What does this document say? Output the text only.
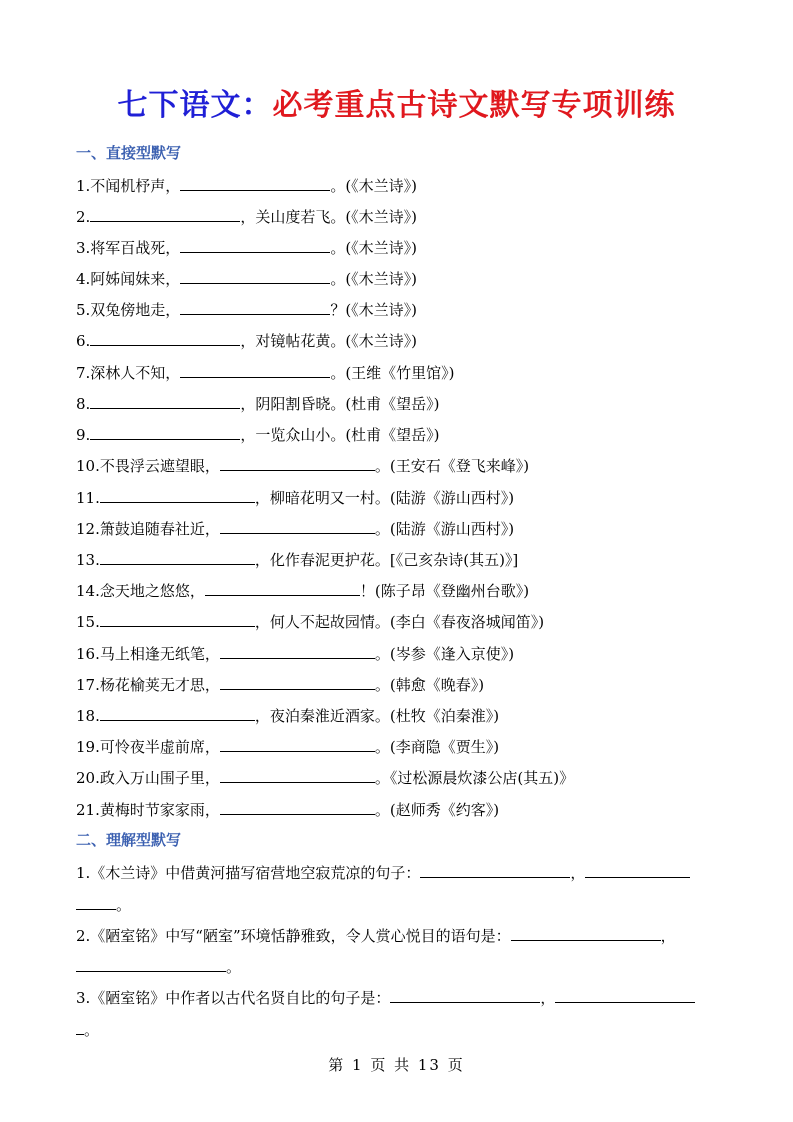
七下语文：必考重点古诗文默写专项训练
一、直接型默写
1.不闻机杼声，	。(《木兰诗》)
2.	，关山度若飞。(《木兰诗》)
3.将军百战死，	。(《木兰诗》)
4.阿姊闻妹来，	。(《木兰诗》)
5.双兔傍地走，	？(《木兰诗》)
6.	，对镜帖花黄。(《木兰诗》)
7.深林人不知，	。(王维《竹里馆》)
8.	，阴阳割昏晓。(杜甫《望岳》)
9.	，一览众山小。(杜甫《望岳》)
10.不畏浮云遮望眼，	。(王安石《登飞来峰》)
11.	，柳暗花明又一村。(陆游《游山西村》)
12.箫鼓追随春社近，	。(陆游《游山西村》)
13.	，化作春泥更护花。[《己亥杂诗(其五)》]
14.念天地之悠悠，	！(陈子昂《登幽州台歌》)
15.	，何人不起故园情。(李白《春夜洛城闻笛》)
16.马上相逢无纸笔，	。(岑参《逢入京使》)
17.杨花榆荚无才思，	。(韩愈《晚春》)
18.	，夜泊秦淮近酒家。(杜牧《泊秦淮》)
19.可怜夜半虚前席，	。(李商隐《贾生》)
20.政入万山围子里，	。《过松源晨炊漆公店(其五)》
21.黄梅时节家家雨，	。(赵师秀《约客》)
二、理解型默写
1.《木兰诗》中借黄河描写宿营地空寂荒凉的句子：	，
。
2.《陋室铭》中写“陋室”环境恬静雅致，令人赏心悦目的语句是：	，
。
3.《陋室铭》中作者以古代名贤自比的句子是：	，
。
第 1 页 共 13 页
